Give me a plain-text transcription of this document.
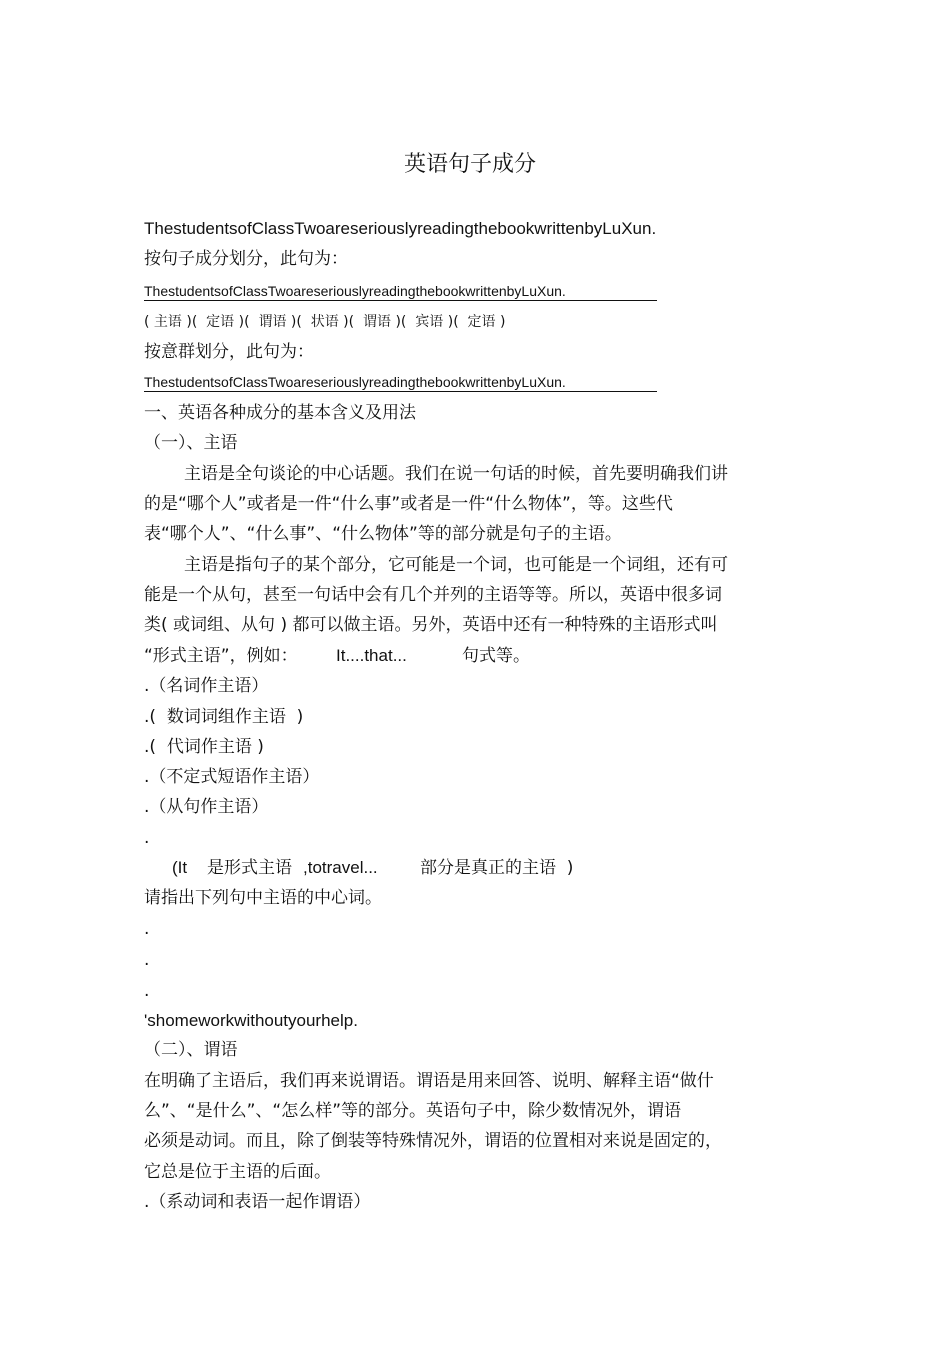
英语句子成分
ThestudentsofClassTwoareseriouslyreadingthebookwrittenbyLuXun.
按句子成分划分，此句为：
ThestudentsofClassTwoareseriouslyreadingthebookwrittenbyLuXun.
( 主语 )(  定语 )(  谓语 )(  状语 )(  谓语 )(  宾语 )(  定语 )
按意群划分，此句为：
ThestudentsofClassTwoareseriouslyreadingthebookwrittenbyLuXun.
一、英语各种成分的基本含义及用法
（一）、主语
主语是全句谈论的中心话题。我们在说一句话的时候，首先要明确我们讲
的是“哪个人”或者是一件“什么事”或者是一件“什么物体”，等。这些代
表“哪个人”、“什么事”、“什么物体”等的部分就是句子的主语。
主语是指句子的某个部分，它可能是一个词，也可能是一个词组，还有可
能是一个从句，甚至一句话中会有几个并列的主语等等。所以，英语中很多词
类( 或词组、从句 ) 都可以做主语。另外，英语中还有一种特殊的主语形式叫
“形式主语”，例如： It....that...	句式等。
.（名词作主语）
.(  数词词组作主语  )
.(  代词作主语 )
.（不定式短语作主语）
.（从句作主语）
.
(It 是形式主语 ,totravel... 部分是真正的主语  )
请指出下列句中主语的中心词。
.
.
.
'shomeworkwithoutyourhelp.
（二）、谓语
在明确了主语后，我们再来说谓语。谓语是用来回答、说明、解释主语“做什
么”、“是什么”、“怎么样”等的部分。英语句子中，除少数情况外，谓语
必须是动词。而且，除了倒装等特殊情况外，谓语的位置相对来说是固定的，
它总是位于主语的后面。
.（系动词和表语一起作谓语）
